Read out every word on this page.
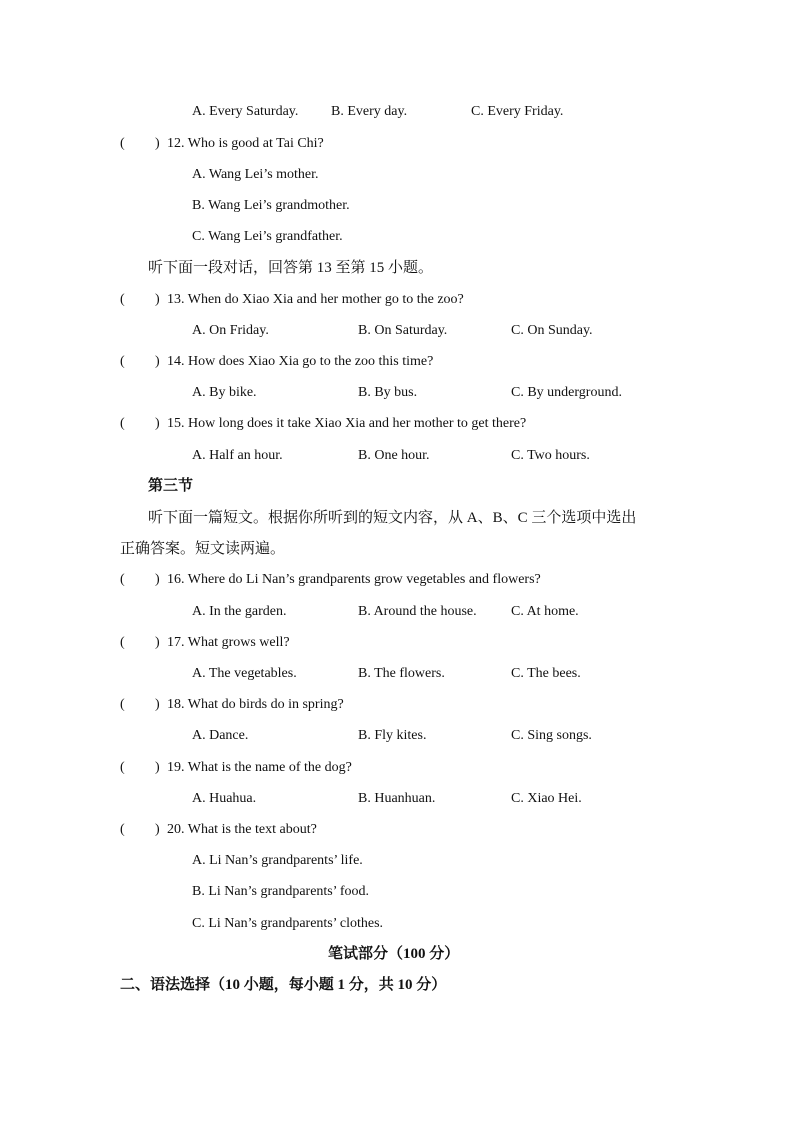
A. Every Saturday. B. Every day.	C. Every Friday.
( ) 12. Who is good at Tai Chi?
A. Wang Lei’s mother.
B. Wang Lei’s grandmother.
C. Wang Lei’s grandfather.
听下面一段对话，回答第 13 至第 15 小题。
( ) 13. When do Xiao Xia and her mother go to the zoo?
A. On Friday.	B. On Saturday.	C. On Sunday.
( ) 14. How does Xiao Xia go to the zoo this time?
A. By bike.	B. By bus.	C. By underground.
( ) 15. How long does it take Xiao Xia and her mother to get there?
A. Half an hour.	B. One hour.	C. Two hours.
第三节
听下面一篇短文。根据你所听到的短文内容，从 A、B、C 三个选项中选出
正确答案。短文读两遍。
( ) 16. Where do Li Nan’s grandparents grow vegetables and flowers?
A. In the garden.	B. Around the house. C. At home.
( ) 17. What grows well?
A. The vegetables.	B. The flowers.	C. The bees.
( ) 18. What do birds do in spring?
A. Dance.	B. Fly kites.	C. Sing songs.
( ) 19. What is the name of the dog?
A. Huahua.	B. Huanhuan.	C. Xiao Hei.
( ) 20. What is the text about?
A. Li Nan’s grandparents’ life.
B. Li Nan’s grandparents’ food.
C. Li Nan’s grandparents’ clothes.
笔试部分（100 分）
二、语法选择（10 小题，每小题 1 分，共 10 分）
